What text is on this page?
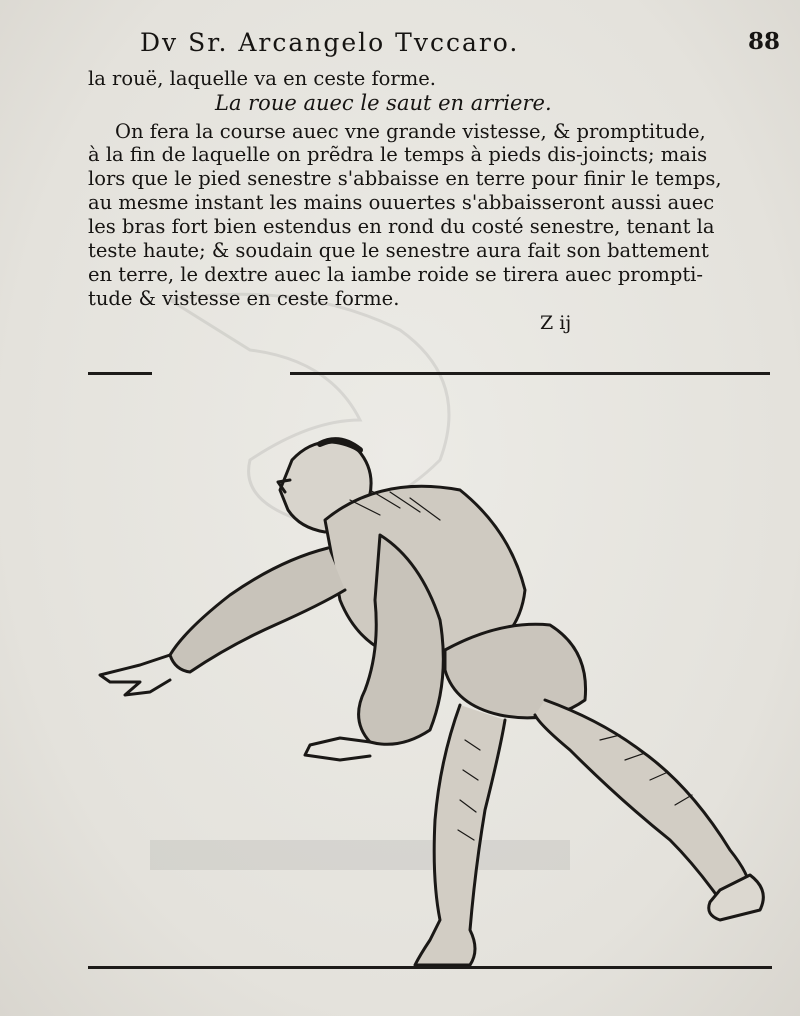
Dv Sr. Arcangelo Tvccaro.	88
la rouë, laquelle va en ceste forme.
La roue auec le saut en arriere.
On fera la course auec vne grande vistesse, & promptitude,
à la fin de laquelle on prẽdra le temps à pieds dis-joincts; mais
lors que le pied senestre s'abbaisse en terre pour finir le temps,
au mesme instant les mains ouuertes s'abbaisseront aussi auec
les bras fort bien estendus en rond du costé senestre, tenant la
teste haute; & soudain que le senestre aura fait son battement
en terre, le dextre auec la iambe roide se tirera auec prompti-
tude & vistesse en ceste forme.
Z ij
